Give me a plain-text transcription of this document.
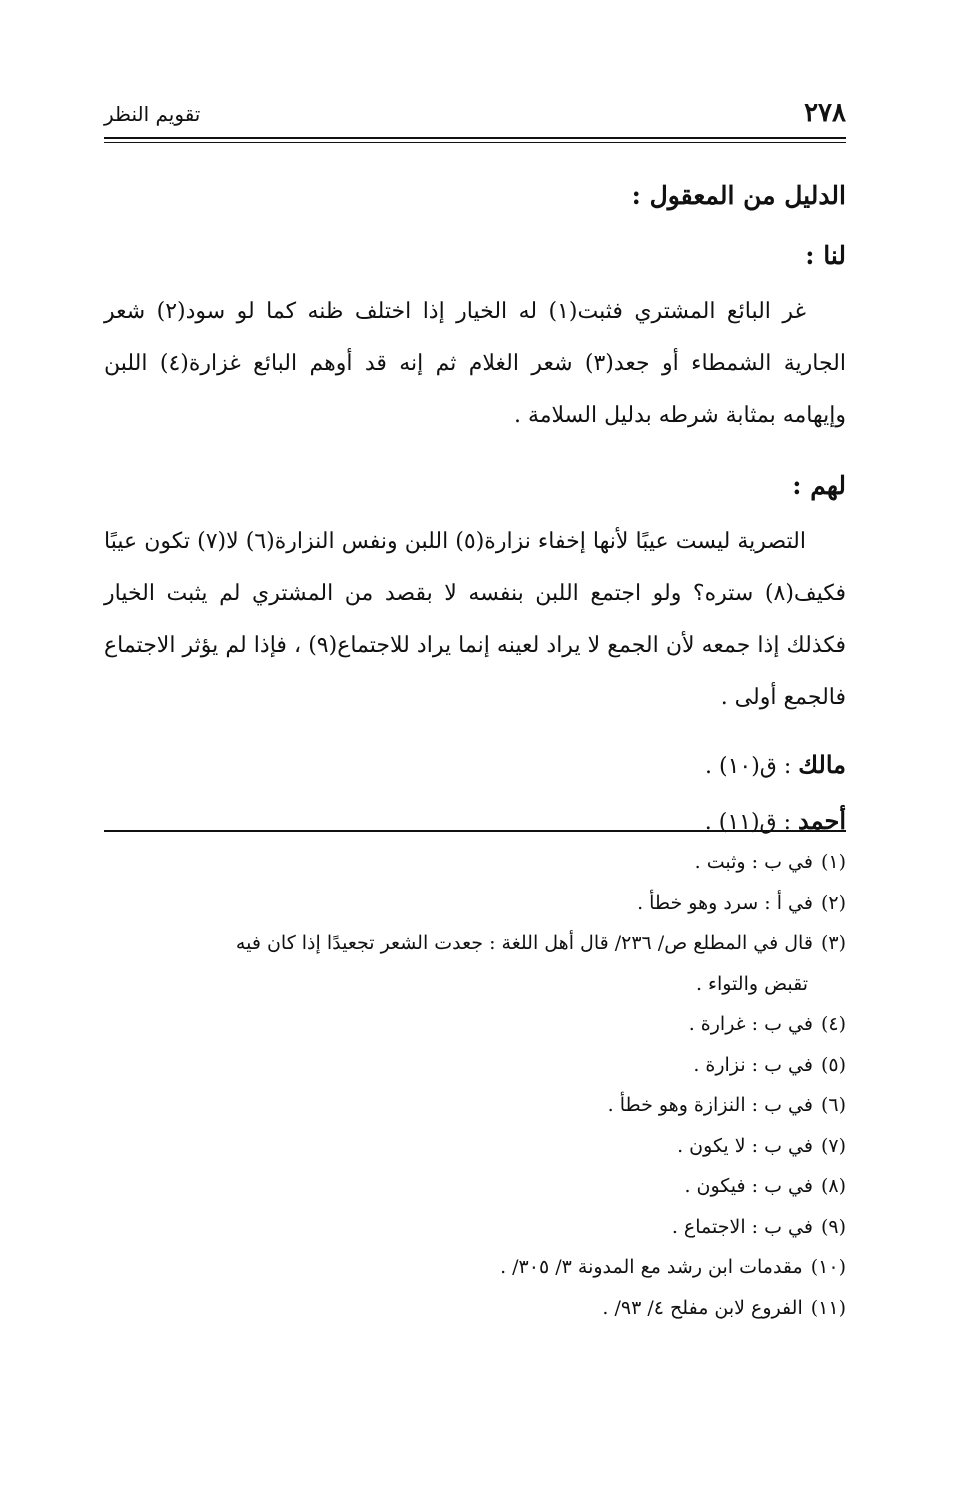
تقويم النظر	٢٧٨

الدليل من المعقول :

لنا :

غر البائع المشتري فثبت(١) له الخيار إذا اختلف ظنه كما لو سود(٢) شعر الجارية الشمطاء أو جعد(٣) شعر الغلام ثم إنه قد أوهم البائع غزارة(٤) اللبن وإيهامه بمثابة شرطه بدليل السلامة .

لهم :

التصرية ليست عيبًا لأنها إخفاء نزارة(٥) اللبن ونفس النزارة(٦) لا(٧) تكون عيبًا فكيف(٨) ستره؟ ولو اجتمع اللبن بنفسه لا بقصد من المشتري لم يثبت الخيار فكذلك إذا جمعه لأن الجمع لا يراد لعينه إنما يراد للاجتماع(٩) ، فإذا لم يؤثر الاجتماع فالجمع أولى .

مالك : ق(١٠) .

أحمد : ق(١١) .

(١)في ب : وثبت .

(٢)في أ : سرد وهو خطأ .

(٣)قال في المطلع ص/ ٢٣٦/ قال أهل اللغة : جعدت الشعر تجعيدًا إذا كان فيه

تقبض والتواء .

(٤)في ب : غرارة .

(٥)في ب : نزارة .

(٦)في ب : النزازة وهو خطأ .

(٧)في ب : لا يكون .

(٨)في ب : فيكون .

(٩)في ب : الاجتماع .

(١٠)مقدمات ابن رشد مع المدونة ٣/ ٣٠٥/ .

(١١)الفروع لابن مفلح ٤/ ٩٣/ .
